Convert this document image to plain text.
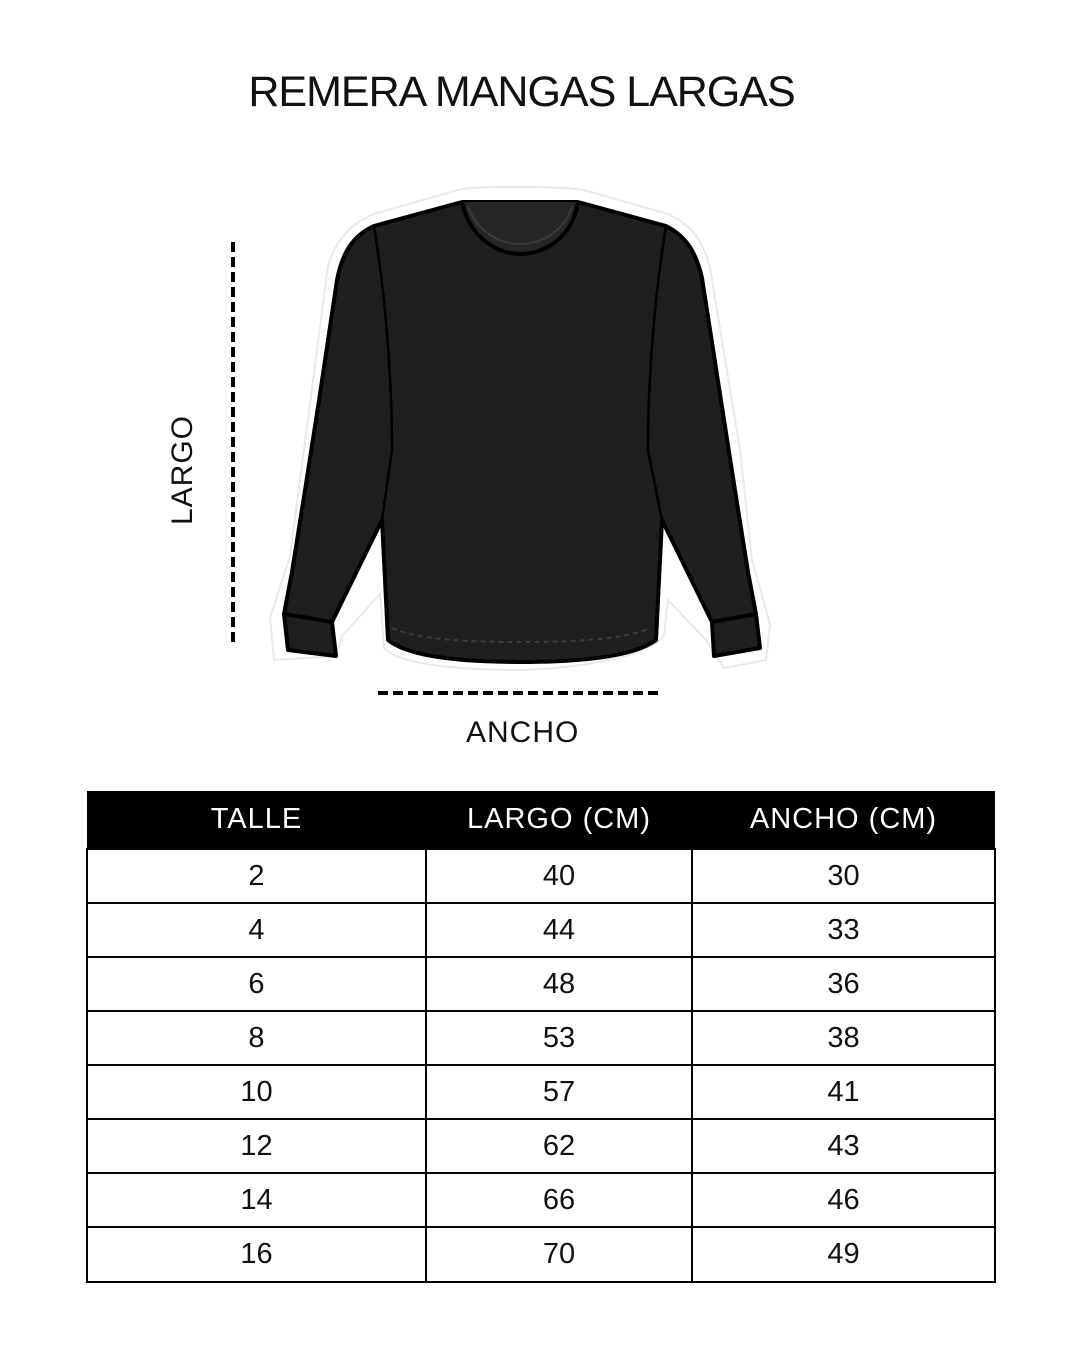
REMERA MANGAS LARGAS
LARGO
ANCHO
TALLE	LARGO (CM)	ANCHO (CM)
2	40	30
4	44	33
6	48	36
8	53	38
10	57	41
12	62	43
14	66	46
16	70	49
